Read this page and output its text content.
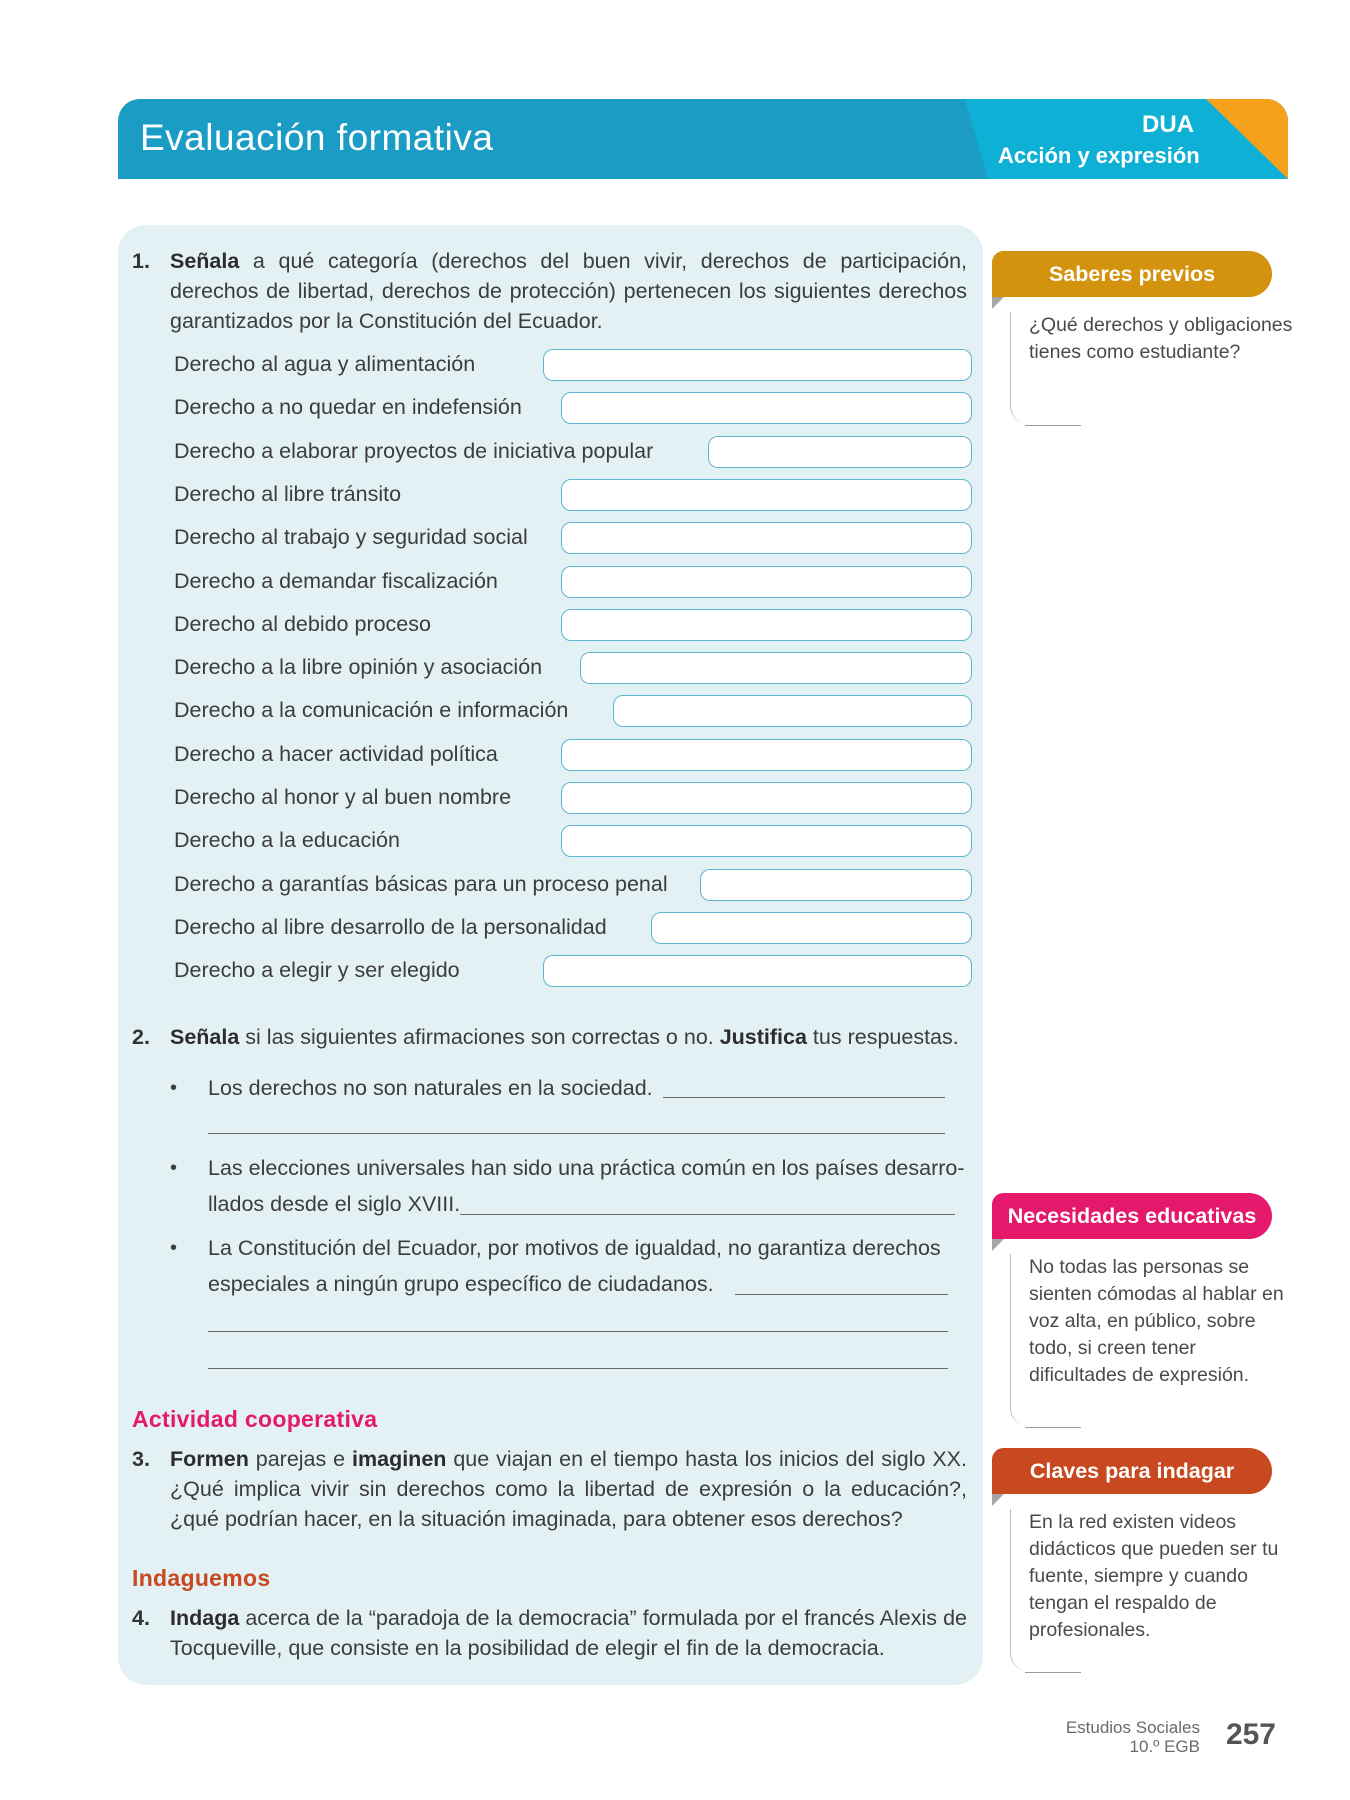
Evaluación formativa	DUA
Acción y expresión
1. Señala a qué categoría (derechos del buen vivir, derechos de participación, derechos de libertad, derechos de protección) pertenecen los siguientes derechos garantizados por la Constitución del Ecuador.
Derecho al agua y alimentación
Derecho a no quedar en indefensión
Derecho a elaborar proyectos de iniciativa popular
Derecho al libre tránsito
Derecho al trabajo y seguridad social
Derecho a demandar fiscalización
Derecho al debido proceso
Derecho a la libre opinión y asociación
Derecho a la comunicación e información
Derecho a hacer actividad política
Derecho al honor y al buen nombre
Derecho a la educación
Derecho a garantías básicas para un proceso penal
Derecho al libre desarrollo de la personalidad
Derecho a elegir y ser elegido
2. Señala si las siguientes afirmaciones son correctas o no. Justifica tus respuestas.
• Los derechos no son naturales en la sociedad.
• Las elecciones universales han sido una práctica común en los países desarro-
llados desde el siglo XVIII.
• La Constitución del Ecuador, por motivos de igualdad, no garantiza derechos
especiales a ningún grupo específico de ciudadanos.
Actividad cooperativa
3. Formen parejas e imaginen que viajan en el tiempo hasta los inicios del siglo XX. ¿Qué implica vivir sin derechos como la libertad de expresión o la educación?, ¿qué podrían hacer, en la situación imaginada, para obtener esos derechos?
Indaguemos
4. Indaga acerca de la “paradoja de la democracia” formulada por el francés Alexis de Tocqueville, que consiste en la posibilidad de elegir el fin de la democracia.
Saberes previos
¿Qué derechos y obligaciones tienes como estudiante?
Necesidades educativas
No todas las personas se sienten cómodas al hablar en voz alta, en público, sobre todo, si creen tener dificultades de expresión.
Claves para indagar
En la red existen videos didácticos que pueden ser tu fuente, siempre y cuando tengan el respaldo de profesionales.
Estudios Sociales
10.º EGB 257
